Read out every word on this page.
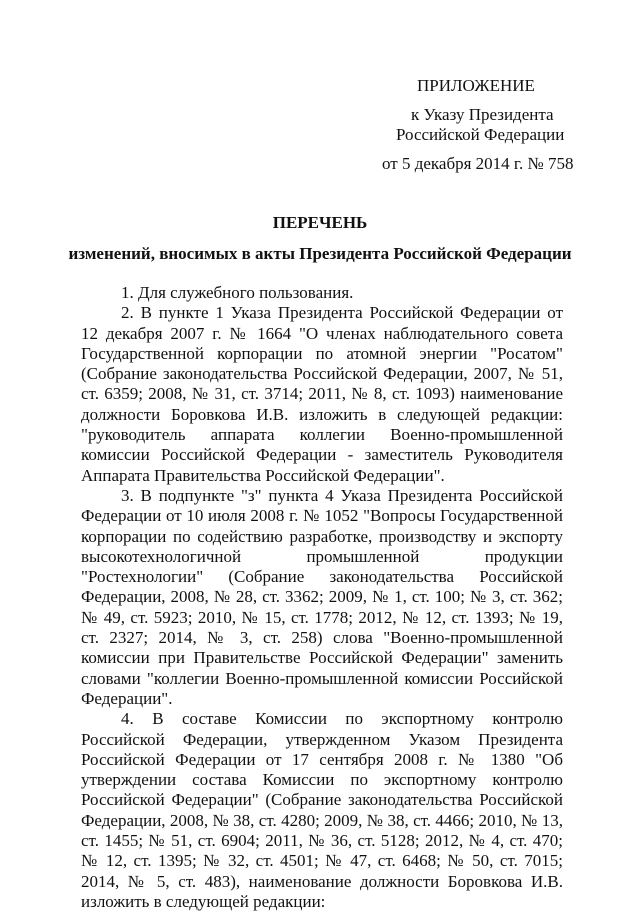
ПРИЛОЖЕНИЕ
к Указу Президента
Российской Федерации
от 5 декабря 2014 г. № 758
ПЕРЕЧЕНЬ
изменений, вносимых в акты Президента Российской Федерации

1. Для служебного пользования.

2. В пункте 1 Указа Президента Российской Федерации от 12 декабря 2007 г. № 1664 "О членах наблюдательного совета Государственной корпорации по атомной энергии "Росатом" (Собрание законодательства Российской Федерации, 2007, № 51, ст. 6359; 2008, № 31, ст. 3714; 2011, № 8, ст. 1093) наименование должности Боровкова И.В. изложить в следующей редакции: "руководитель аппарата коллегии Военно-промышленной комиссии Российской Федерации - заместитель Руководителя Аппарата Правительства Российской Федерации".

3. В подпункте "з" пункта 4 Указа Президента Российской Федерации от 10 июля 2008 г. № 1052 "Вопросы Государственной корпорации по содействию разработке, производству и экспорту высокотехнологичной промышленной продукции "Ростехнологии" (Собрание законодательства Российской Федерации, 2008, № 28, ст. 3362; 2009, № 1, ст. 100; № 3, ст. 362; № 49, ст. 5923; 2010, № 15, ст. 1778; 2012, № 12, ст. 1393; № 19, ст. 2327; 2014, № 3, ст. 258) слова "Военно-промышленной комиссии при Правительстве Российской Федерации" заменить словами "коллегии Военно-промышленной комиссии Российской Федерации".

4. В составе Комиссии по экспортному контролю Российской Федерации, утвержденном Указом Президента Российской Федерации от 17 сентября 2008 г. № 1380 "Об утверждении состава Комиссии по экспортному контролю Российской Федерации" (Собрание законодательства Российской Федерации, 2008, № 38, ст. 4280; 2009, № 38, ст. 4466; 2010, № 13, ст. 1455; № 51, ст. 6904; 2011, № 36, ст. 5128; 2012, № 4, ст. 470; № 12, ст. 1395; № 32, ст. 4501; № 47, ст. 6468; № 50, ст. 7015; 2014, № 5, ст. 483), наименование должности Боровкова И.В. изложить в следующей редакции:
